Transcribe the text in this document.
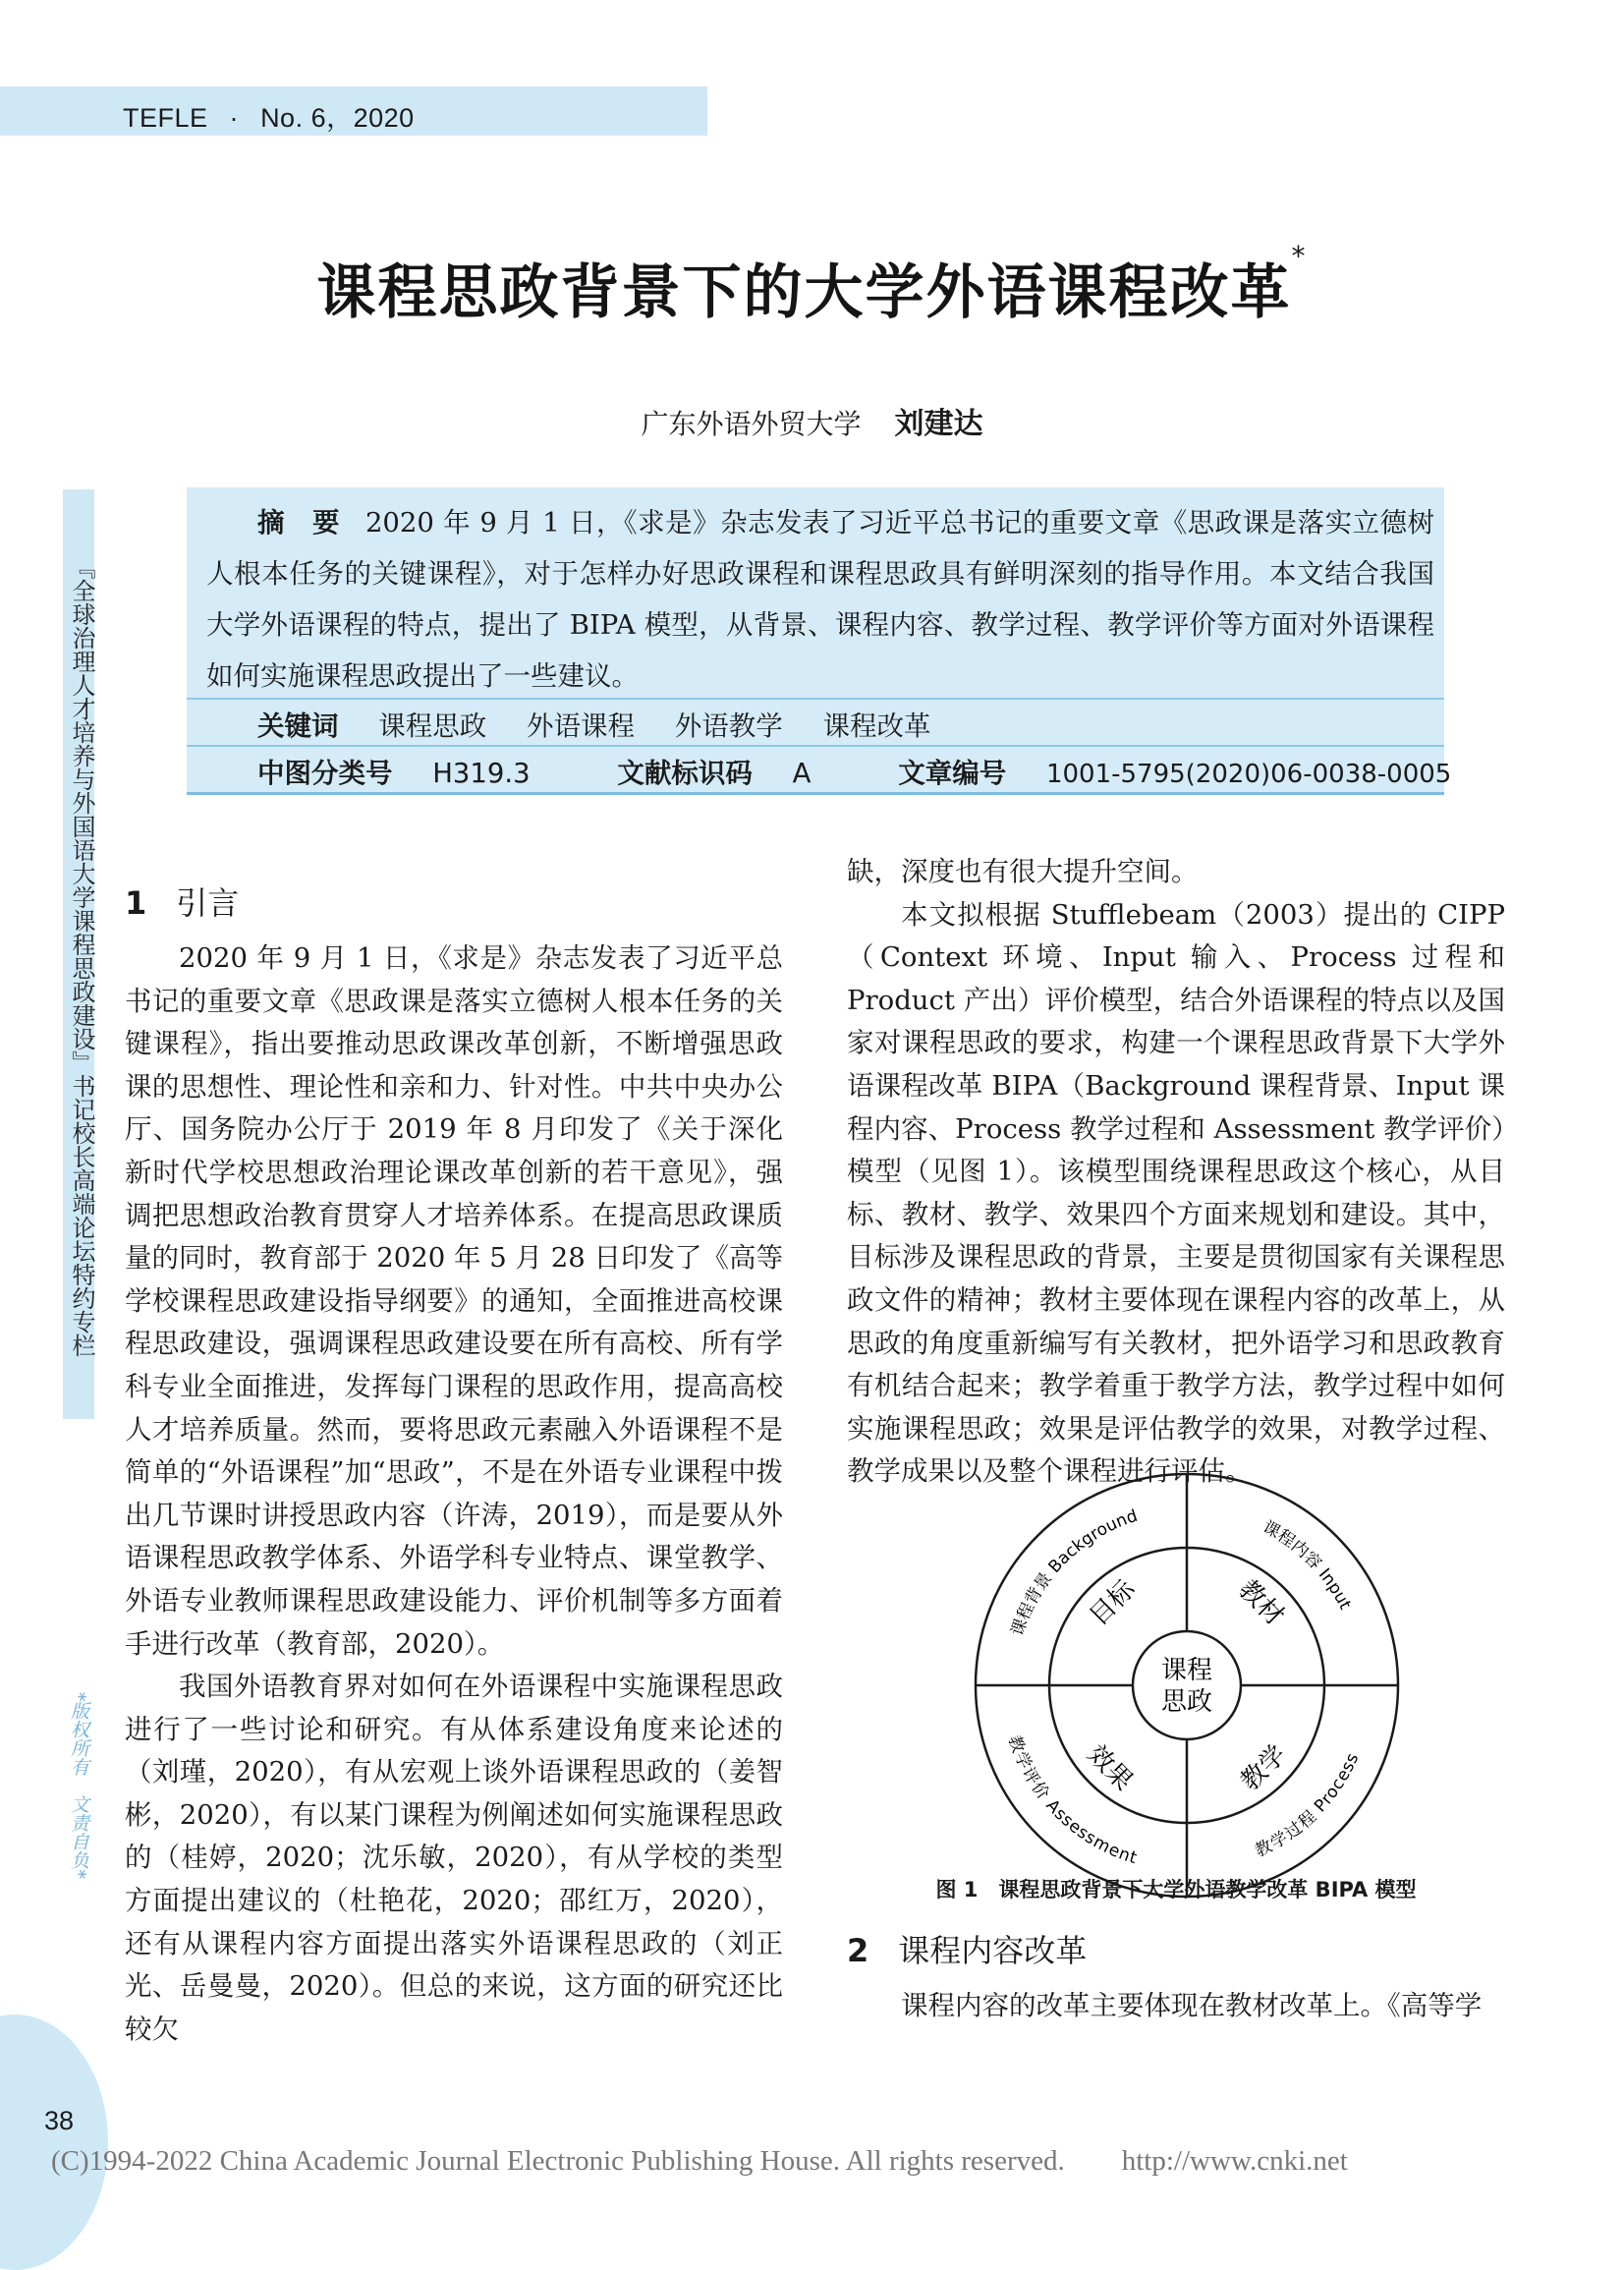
TEFLE · No. 6，2020
课程思政背景下的大学外语课程改革*
广东外语外贸大学 刘建达
摘　要 2020 年 9 月 1 日，《求是》杂志发表了习近平总书记的重要文章《思政课是落实立德树人根本任务的关键课程》，对于怎样办好思政课程和课程思政具有鲜明深刻的指导作用。本文结合我国大学外语课程的特点，提出了 BIPA 模型，从背景、课程内容、教学过程、教学评价等方面对外语课程如何实施课程思政提出了一些建议。
关键词 课程思政 外语课程 外语教学 课程改革
中图分类号 H319.3	文献标识码 A	文章编号 1001-5795(2020)06-0038-0005
『全球治理人才培养与外国语大学课程思政建设』书记校长高端论坛特约专栏
*版权所有　文责自负*
1 引言

2020 年 9 月 1 日，《求是》杂志发表了习近平总书记的重要文章《思政课是落实立德树人根本任务的关键课程》，指出要推动思政课改革创新，不断增强思政课的思想性、理论性和亲和力、针对性。中共中央办公厅、国务院办公厅于 2019 年 8 月印发了《关于深化新时代学校思想政治理论课改革创新的若干意见》，强调把思想政治教育贯穿人才培养体系。在提高思政课质量的同时，教育部于 2020 年 5 月 28 日印发了《高等学校课程思政建设指导纲要》的通知，全面推进高校课程思政建设，强调课程思政建设要在所有高校、所有学科专业全面推进，发挥每门课程的思政作用，提高高校人才培养质量。然而，要将思政元素融入外语课程不是简单的“外语课程”加“思政”，不是在外语专业课程中拨出几节课时讲授思政内容（许涛，2019），而是要从外语课程思政教学体系、外语学科专业特点、课堂教学、外语专业教师课程思政建设能力、评价机制等多方面着手进行改革（教育部，2020）。

我国外语教育界对如何在外语课程中实施课程思政进行了一些讨论和研究。有从体系建设角度来论述的（刘瑾，2020），有从宏观上谈外语课程思政的（姜智彬，2020），有以某门课程为例阐述如何实施课程思政的（桂婷，2020；沈乐敏，2020），有从学校的类型方面提出建议的（杜艳花，2020；邵红万，2020），还有从课程内容方面提出落实外语课程思政的（刘正光、岳曼曼，2020）。但总的来说，这方面的研究还比较欠

缺，深度也有很大提升空间。

本文拟根据 Stufflebeam（2003）提出的 CIPP（Context 环境、Input 输入、Process 过程和 Product 产出）评价模型，结合外语课程的特点以及国家对课程思政的要求，构建一个课程思政背景下大学外语课程改革 BIPA（Background 课程背景、Input 课程内容、Process 教学过程和 Assessment 教学评价）模型（见图 1）。该模型围绕课程思政这个核心，从目标、教材、教学、效果四个方面来规划和建设。其中，目标涉及课程思政的背景，主要是贯彻国家有关课程思政文件的精神；教材主要体现在课程内容的改革上，从思政的角度重新编写有关教材，把外语学习和思政教育有机结合起来；教学着重于教学方法，教学过程中如何实施课程思政；效果是评估教学的效果，对教学过程、教学成果以及整个课程进行评估。

课程
思政
目标	教材
教学
效果
课程背景 Background
课程内容 Input
教学过程 Process
教学评价 Assessment
图 1　课程思政背景下大学外语教学改革 BIPA 模型
2 课程内容改革

课程内容的改革主要体现在教材改革上。《高等学

38
(C)1994-2022 China Academic Journal Electronic Publishing House. All rights reserved.　　http://www.cnki.net
